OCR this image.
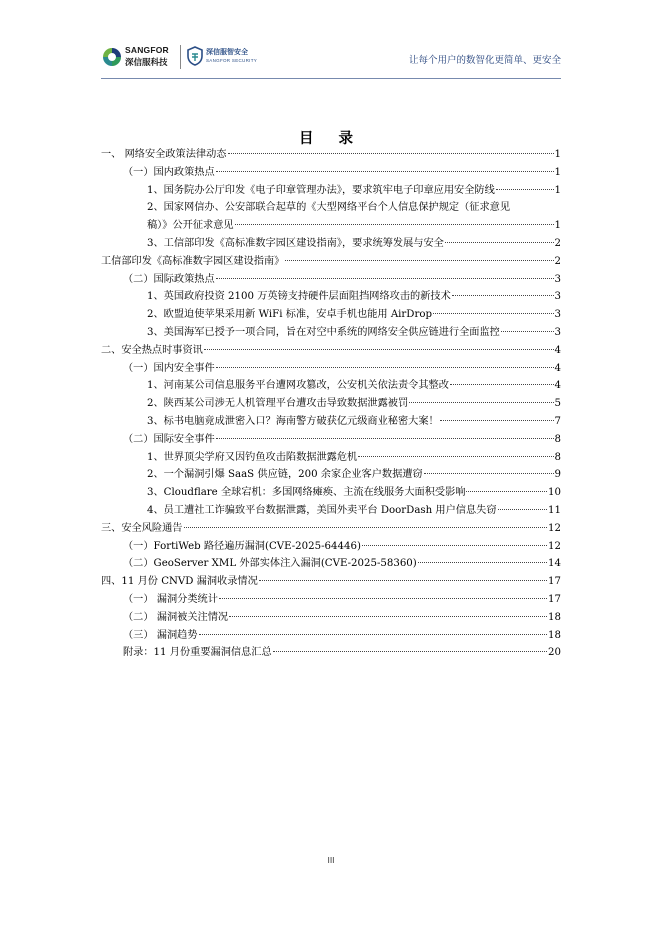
SANGFOR
深信服科技
深信服智安全
SANGFOR SECURITY	让每个用户的数智化更简单、更安全
目 录
一、 网络安全政策法律动态	1
（一）国内政策热点	1
1、国务院办公厅印发《电子印章管理办法》，要求筑牢电子印章应用安全防线	1
2、国家网信办、公安部联合起草的《大型网络平台个人信息保护规定（征求意见
稿）》公开征求意见	1
3、工信部印发《高标准数字园区建设指南》，要求统筹发展与安全	2
工信部印发《高标准数字园区建设指南》	2
（二）国际政策热点	3
1、英国政府投资 2100 万英镑支持硬件层面阻挡网络攻击的新技术	3
2、欧盟迫使苹果采用新 WiFi 标准，安卓手机也能用 AirDrop	3
3、美国海军已授予一项合同，旨在对空中系统的网络安全供应链进行全面监控	3
二、安全热点时事资讯	4
（一）国内安全事件	4
1、河南某公司信息服务平台遭网攻篡改，公安机关依法责令其整改	4
2、陕西某公司涉无人机管理平台遭攻击导致数据泄露被罚	5
3、标书电脑竟成泄密入口？海南警方破获亿元级商业秘密大案！	7
（二）国际安全事件	8
1、世界顶尖学府又因钓鱼攻击陷数据泄露危机	8
2、一个漏洞引爆 SaaS 供应链，200 余家企业客户数据遭窃	9
3、Cloudflare 全球宕机：多国网络瘫痪、主流在线服务大面积受影响	10
4、员工遭社工诈骗致平台数据泄露，美国外卖平台 DoorDash 用户信息失窃	11
三、安全风险通告	12
（一）FortiWeb 路径遍历漏洞(CVE-2025-64446)	12
（二）GeoServer XML 外部实体注入漏洞(CVE-2025-58360)	14
四、11 月份 CNVD 漏洞收录情况	17
（一） 漏洞分类统计	17
（二） 漏洞被关注情况	18
（三） 漏洞趋势	18
附录：11 月份重要漏洞信息汇总	20
III
